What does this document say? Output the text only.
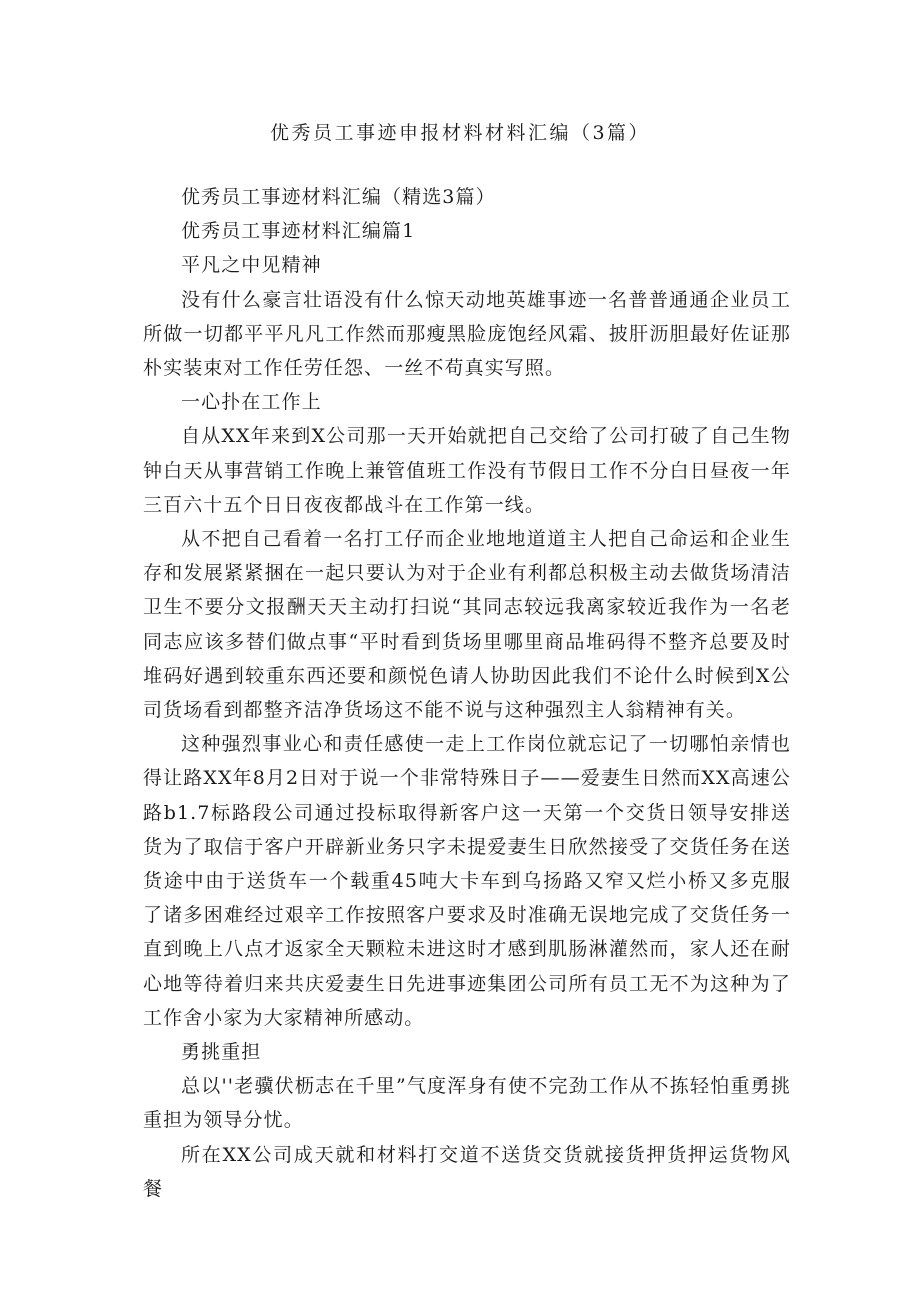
优秀员工事迹申报材料材料汇编（3篇）

优秀员工事迹材料汇编（精选3篇）

优秀员工事迹材料汇编篇1

平凡之中见精神

没有什么豪言壮语没有什么惊天动地英雄事迹一名普普通通企业员工所做一切都平平凡凡工作然而那瘦黑脸庞饱经风霜、披肝沥胆最好佐证那朴实装束对工作任劳任怨、一丝不苟真实写照。

一心扑在工作上

自从XX年来到X公司那一天开始就把自己交给了公司打破了自己生物钟白天从事营销工作晚上兼管值班工作没有节假日工作不分白日昼夜一年三百六十五个日日夜夜都战斗在工作第一线。

从不把自己看着一名打工仔而企业地地道道主人把自己命运和企业生存和发展紧紧捆在一起只要认为对于企业有利都总积极主动去做货场清洁卫生不要分文报酬天天主动打扫说“其同志较远我离家较近我作为一名老同志应该多替们做点事“平时看到货场里哪里商品堆码得不整齐总要及时堆码好遇到较重东西还要和颜悦色请人协助因此我们不论什么时候到X公司货场看到都整齐洁净货场这不能不说与这种强烈主人翁精神有关。

这种强烈事业心和责任感使一走上工作岗位就忘记了一切哪怕亲情也得让路XX年8月2日对于说一个非常特殊日子——爱妻生日然而XX高速公路b1.7标路段公司通过投标取得新客户这一天第一个交货日领导安排送货为了取信于客户开辟新业务只字未提爱妻生日欣然接受了交货任务在送货途中由于送货车一个载重45吨大卡车到乌扬路又窄又烂小桥又多克服了诸多困难经过艰辛工作按照客户要求及时准确无误地完成了交货任务一直到晚上八点才返家全天颗粒未进这时才感到肌肠淋灌然而，家人还在耐心地等待着归来共庆爱妻生日先进事迹集团公司所有员工无不为这种为了工作舍小家为大家精神所感动。

勇挑重担

总以''老骥伏枥志在千里”气度浑身有使不完劲工作从不拣轻怕重勇挑重担为领导分忧。

所在XX公司成天就和材料打交道不送货交货就接货押货押运货物风餐
